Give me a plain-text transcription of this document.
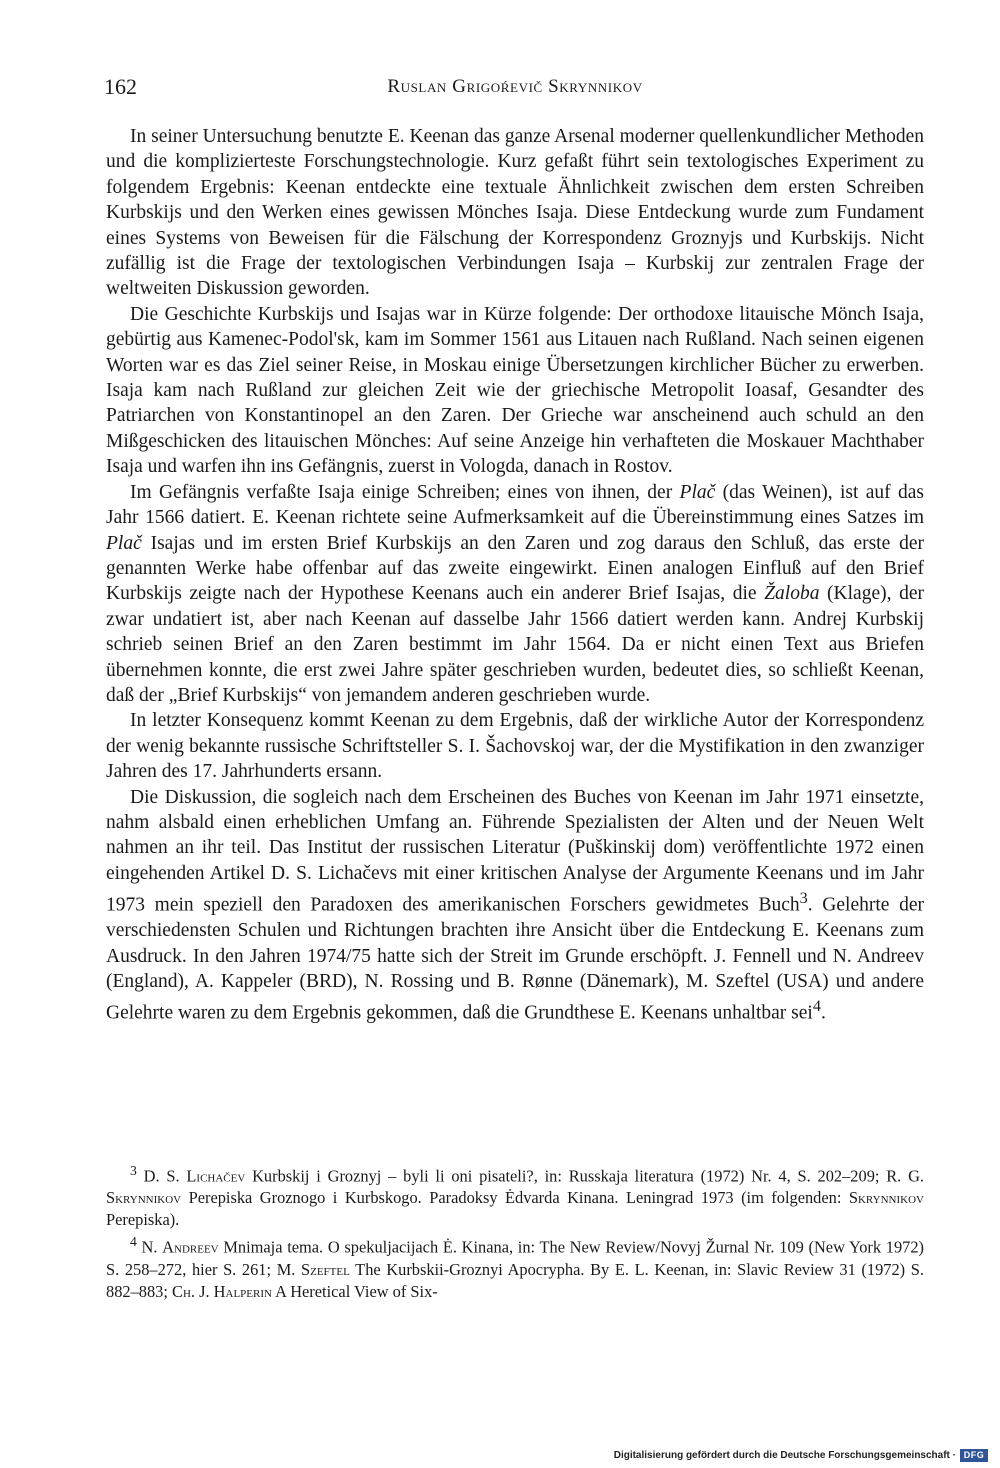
162	Ruslan Grigoŕevič Skrynnikov

In seiner Untersuchung benutzte E. Keenan das ganze Arsenal moderner quellenkundlicher Methoden und die komplizierteste Forschungstechnologie. Kurz gefaßt führt sein textologisches Experiment zu folgendem Ergebnis: Keenan entdeckte eine textuale Ähnlichkeit zwischen dem ersten Schreiben Kurbskijs und den Werken eines gewissen Mönches Isaja. Diese Entdeckung wurde zum Fundament eines Systems von Beweisen für die Fälschung der Korrespondenz Groznyjs und Kurbskijs. Nicht zufällig ist die Frage der textologischen Verbindungen Isaja – Kurbskij zur zentralen Frage der weltweiten Diskussion geworden.

Die Geschichte Kurbskijs und Isajas war in Kürze folgende: Der orthodoxe litauische Mönch Isaja, gebürtig aus Kamenec-Podol'sk, kam im Sommer 1561 aus Litauen nach Rußland. Nach seinen eigenen Worten war es das Ziel seiner Reise, in Moskau einige Übersetzungen kirchlicher Bücher zu erwerben. Isaja kam nach Rußland zur gleichen Zeit wie der griechische Metropolit Ioasaf, Gesandter des Patriarchen von Konstantinopel an den Zaren. Der Grieche war anscheinend auch schuld an den Mißgeschicken des litauischen Mönches: Auf seine Anzeige hin verhafteten die Moskauer Machthaber Isaja und warfen ihn ins Gefängnis, zuerst in Vologda, danach in Rostov.

Im Gefängnis verfaßte Isaja einige Schreiben; eines von ihnen, der Plač (das Weinen), ist auf das Jahr 1566 datiert. E. Keenan richtete seine Aufmerksamkeit auf die Übereinstimmung eines Satzes im Plač Isajas und im ersten Brief Kurbskijs an den Zaren und zog daraus den Schluß, das erste der genannten Werke habe offenbar auf das zweite eingewirkt. Einen analogen Einfluß auf den Brief Kurbskijs zeigte nach der Hypothese Keenans auch ein anderer Brief Isajas, die Žaloba (Klage), der zwar undatiert ist, aber nach Keenan auf dasselbe Jahr 1566 datiert werden kann. Andrej Kurbskij schrieb seinen Brief an den Zaren bestimmt im Jahr 1564. Da er nicht einen Text aus Briefen übernehmen konnte, die erst zwei Jahre später geschrieben wurden, bedeutet dies, so schließt Keenan, daß der „Brief Kurbskijs“ von jemandem anderen geschrieben wurde.

In letzter Konsequenz kommt Keenan zu dem Ergebnis, daß der wirkliche Autor der Korrespondenz der wenig bekannte russische Schriftsteller S. I. Šachovskoj war, der die Mystifikation in den zwanziger Jahren des 17. Jahrhunderts ersann.

Die Diskussion, die sogleich nach dem Erscheinen des Buches von Keenan im Jahr 1971 einsetzte, nahm alsbald einen erheblichen Umfang an. Führende Spezialisten der Alten und der Neuen Welt nahmen an ihr teil. Das Institut der russischen Literatur (Puškinskij dom) veröffentlichte 1972 einen eingehenden Artikel D. S. Lichačevs mit einer kritischen Analyse der Argumente Keenans und im Jahr 1973 mein speziell den Paradoxen des amerikanischen Forschers gewidmetes Buch$^3$. Gelehrte der verschiedensten Schulen und Richtungen brachten ihre Ansicht über die Entdeckung E. Keenans zum Ausdruck. In den Jahren 1974/75 hatte sich der Streit im Grunde erschöpft. J. Fennell und N. Andreev (England), A. Kappeler (BRD), N. Rossing und B. Rønne (Dänemark), M. Szeftel (USA) und andere Gelehrte waren zu dem Ergebnis gekommen, daß die Grundthese E. Keenans unhaltbar sei$^4$.

$^3$ D. S. Lichačev Kurbskij i Groznyj – byli li oni pisateli?, in: Russkaja literatura (1972) Nr. 4, S. 202–209; R. G. Skrynnikov Perepiska Groznogo i Kurbskogo. Paradoksy Ėdvarda Kinana. Leningrad 1973 (im folgenden: Skrynnikov Perepiska).

$^4$ N. Andreev Mnimaja tema. O spekuljacijach Ė. Kinana, in: The New Review/Novyj Žurnal Nr. 109 (New York 1972) S. 258–272, hier S. 261; M. Szeftel The Kurbskii-Groznyi Apocrypha. By E. L. Keenan, in: Slavic Review 31 (1972) S. 882–883; Ch. J. Halperin A Heretical View of Six-

Digitalisierung gefördert durch die Deutsche Forschungsgemeinschaft · DFG
